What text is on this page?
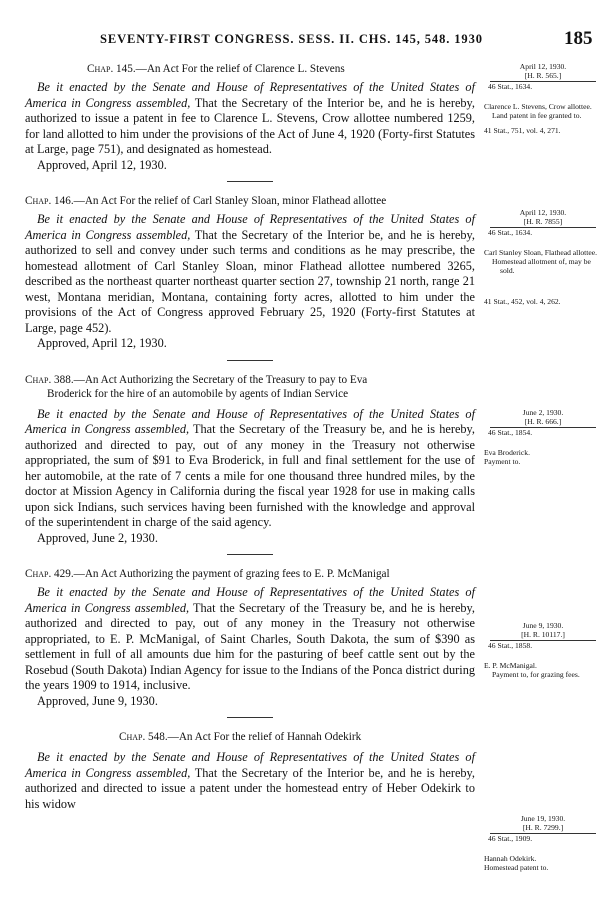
SEVENTY-FIRST CONGRESS. SESS. II. CHS. 145, 548. 1930	185
Chap. 145.—An Act For the relief of Clarence L. Stevens

Be it enacted by the Senate and House of Representatives of the United States of America in Congress assembled, That the Secretary of the Interior be, and he is hereby, authorized to issue a patent in fee to Clarence L. Stevens, Crow allottee numbered 1259, for land allotted to him under the provisions of the Act of June 4, 1920 (Forty-first Statutes at Large, page 751), and designated as homestead.

Approved, April 12, 1930.

Chap. 146.—An Act For the relief of Carl Stanley Sloan, minor Flathead allottee

Be it enacted by the Senate and House of Representatives of the United States of America in Congress assembled, That the Secretary of the Interior be, and he is hereby, authorized to sell and convey under such terms and conditions as he may prescribe, the homestead allotment of Carl Stanley Sloan, minor Flathead allottee numbered 3265, described as the northeast quarter northeast quarter section 27, township 21 north, range 21 west, Montana meridian, Montana, containing forty acres, allotted to him under the provisions of the Act of Congress approved February 25, 1920 (Forty-first Statutes at Large, page 452).

Approved, April 12, 1930.

Chap. 388.—An Act Authorizing the Secretary of the Treasury to pay to Eva
Broderick for the hire of an automobile by agents of Indian Service

Be it enacted by the Senate and House of Representatives of the United States of America in Congress assembled, That the Secretary of the Treasury be, and he is hereby, authorized and directed to pay, out of any money in the Treasury not otherwise appropriated, the sum of $91 to Eva Broderick, in full and final settlement for the use of her automobile, at the rate of 7 cents a mile for one thousand three hundred miles, by the doctor at Mission Agency in California during the fiscal year 1928 for use in making calls upon sick Indians, such services having been furnished with the knowledge and approval of the superintendent in charge of the said agency.

Approved, June 2, 1930.

Chap. 429.—An Act Authorizing the payment of grazing fees to E. P. McManigal

Be it enacted by the Senate and House of Representatives of the United States of America in Congress assembled, That the Secretary of the Treasury be, and he is hereby, authorized and directed to pay, out of any money in the Treasury not otherwise appropriated, to E. P. McManigal, of Saint Charles, South Dakota, the sum of $390 as settlement in full of all amounts due him for the pasturing of beef cattle sent out by the Rosebud (South Dakota) Indian Agency for issue to the Indians of the Ponca district during the years 1909 to 1914, inclusive.

Approved, June 9, 1930.

Chap. 548.—An Act For the relief of Hannah Odekirk

Be it enacted by the Senate and House of Representatives of the United States of America in Congress assembled, That the Secretary of the Interior be, and he is hereby, authorized and directed to issue a patent under the homestead entry of Heber Odekirk to his widow

April 12, 1930.
[H. R. 565.]
46 Stat., 1634.
Clarence L. Stevens, Crow allottee.
Land patent in fee granted to.
41 Stat., 751, vol. 4, 271.
April 12, 1930.
[H. R. 7855]
46 Stat., 1634.
Carl Stanley Sloan, Flathead allottee.
Homestead allotment of, may be sold.
41 Stat., 452, vol. 4, 262.
June 2, 1930.
[H. R. 666.]
46 Stat., 1854.
Eva Broderick.
Payment to.
June 9, 1930.
[H. R. 10117.]
46 Stat., 1858.
E. P. McManigal.
Payment to, for grazing fees.
June 19, 1930.
[H. R. 7299.]
46 Stat., 1909.
Hannah Odekirk.
Homestead patent to.
